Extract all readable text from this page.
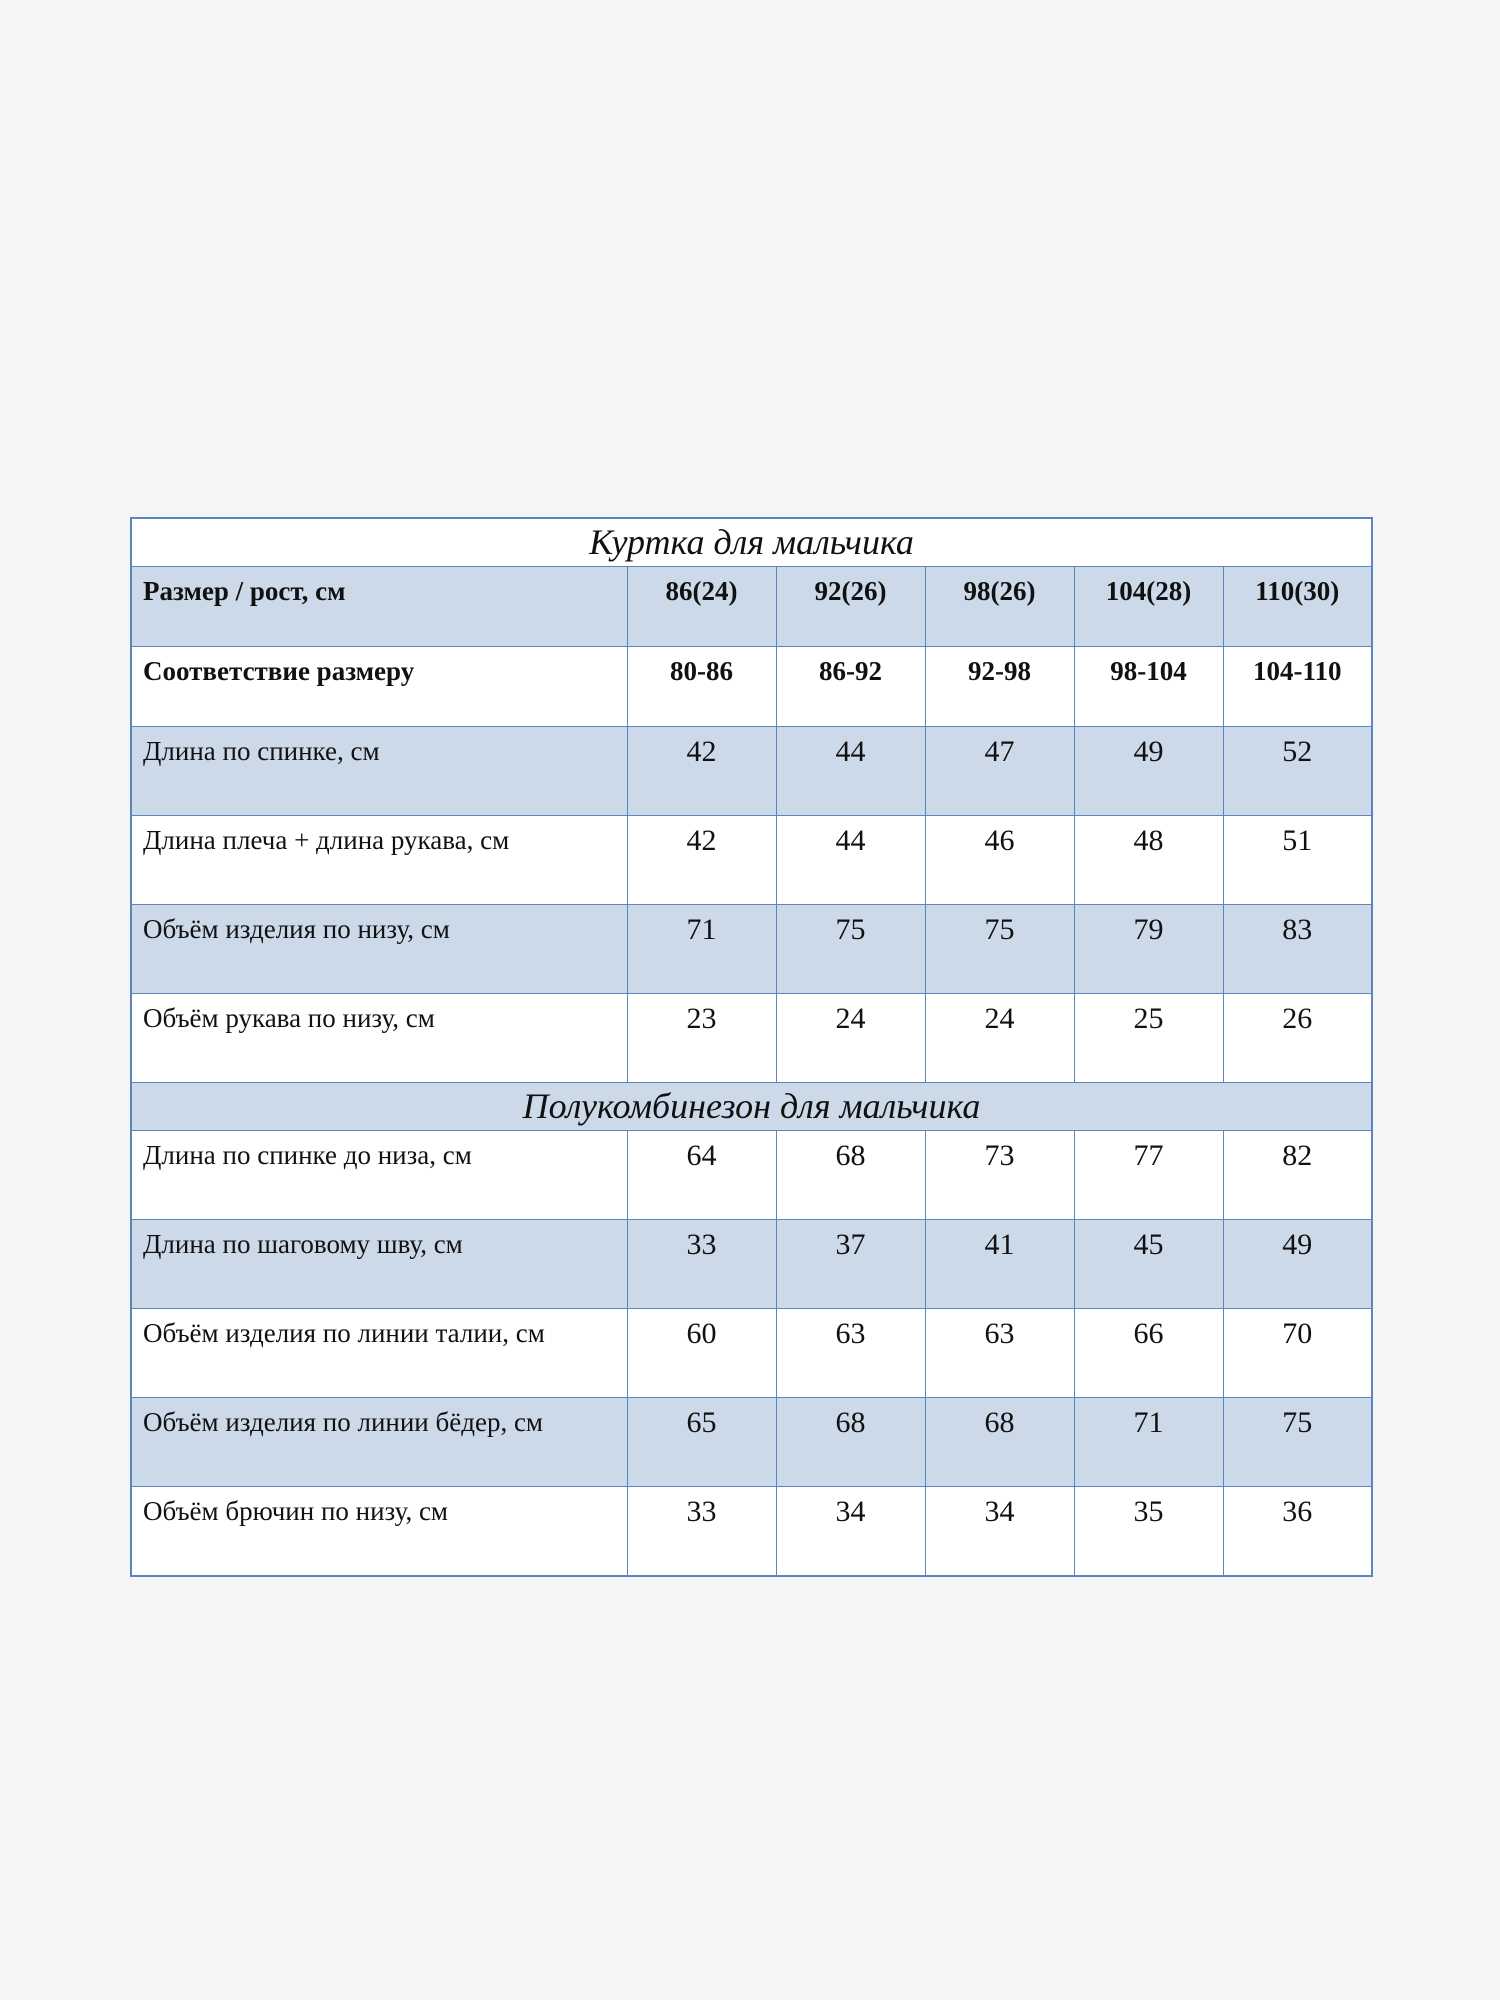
Куртка для мальчика					
Размер / рост, см	86(24)	92(26)	98(26)	104(28)	110(30)
Соответствие размеру	80-86	86-92	92-98	98-104	104-110
Длина по спинке, см	42	44	47	49	52
Длина плеча + длина рукава, см	42	44	46	48	51
Объём изделия по низу, см	71	75	75	79	83
Объём рукава по низу, см	23	24	24	25	26
Полукомбинезон для мальчика					
Длина по спинке до низа, см	64	68	73	77	82
Длина по шаговому шву, см	33	37	41	45	49
Объём изделия по линии талии, см	60	63	63	66	70
Объём изделия по линии бёдер, см	65	68	68	71	75
Объём брючин по низу, см	33	34	34	35	36
